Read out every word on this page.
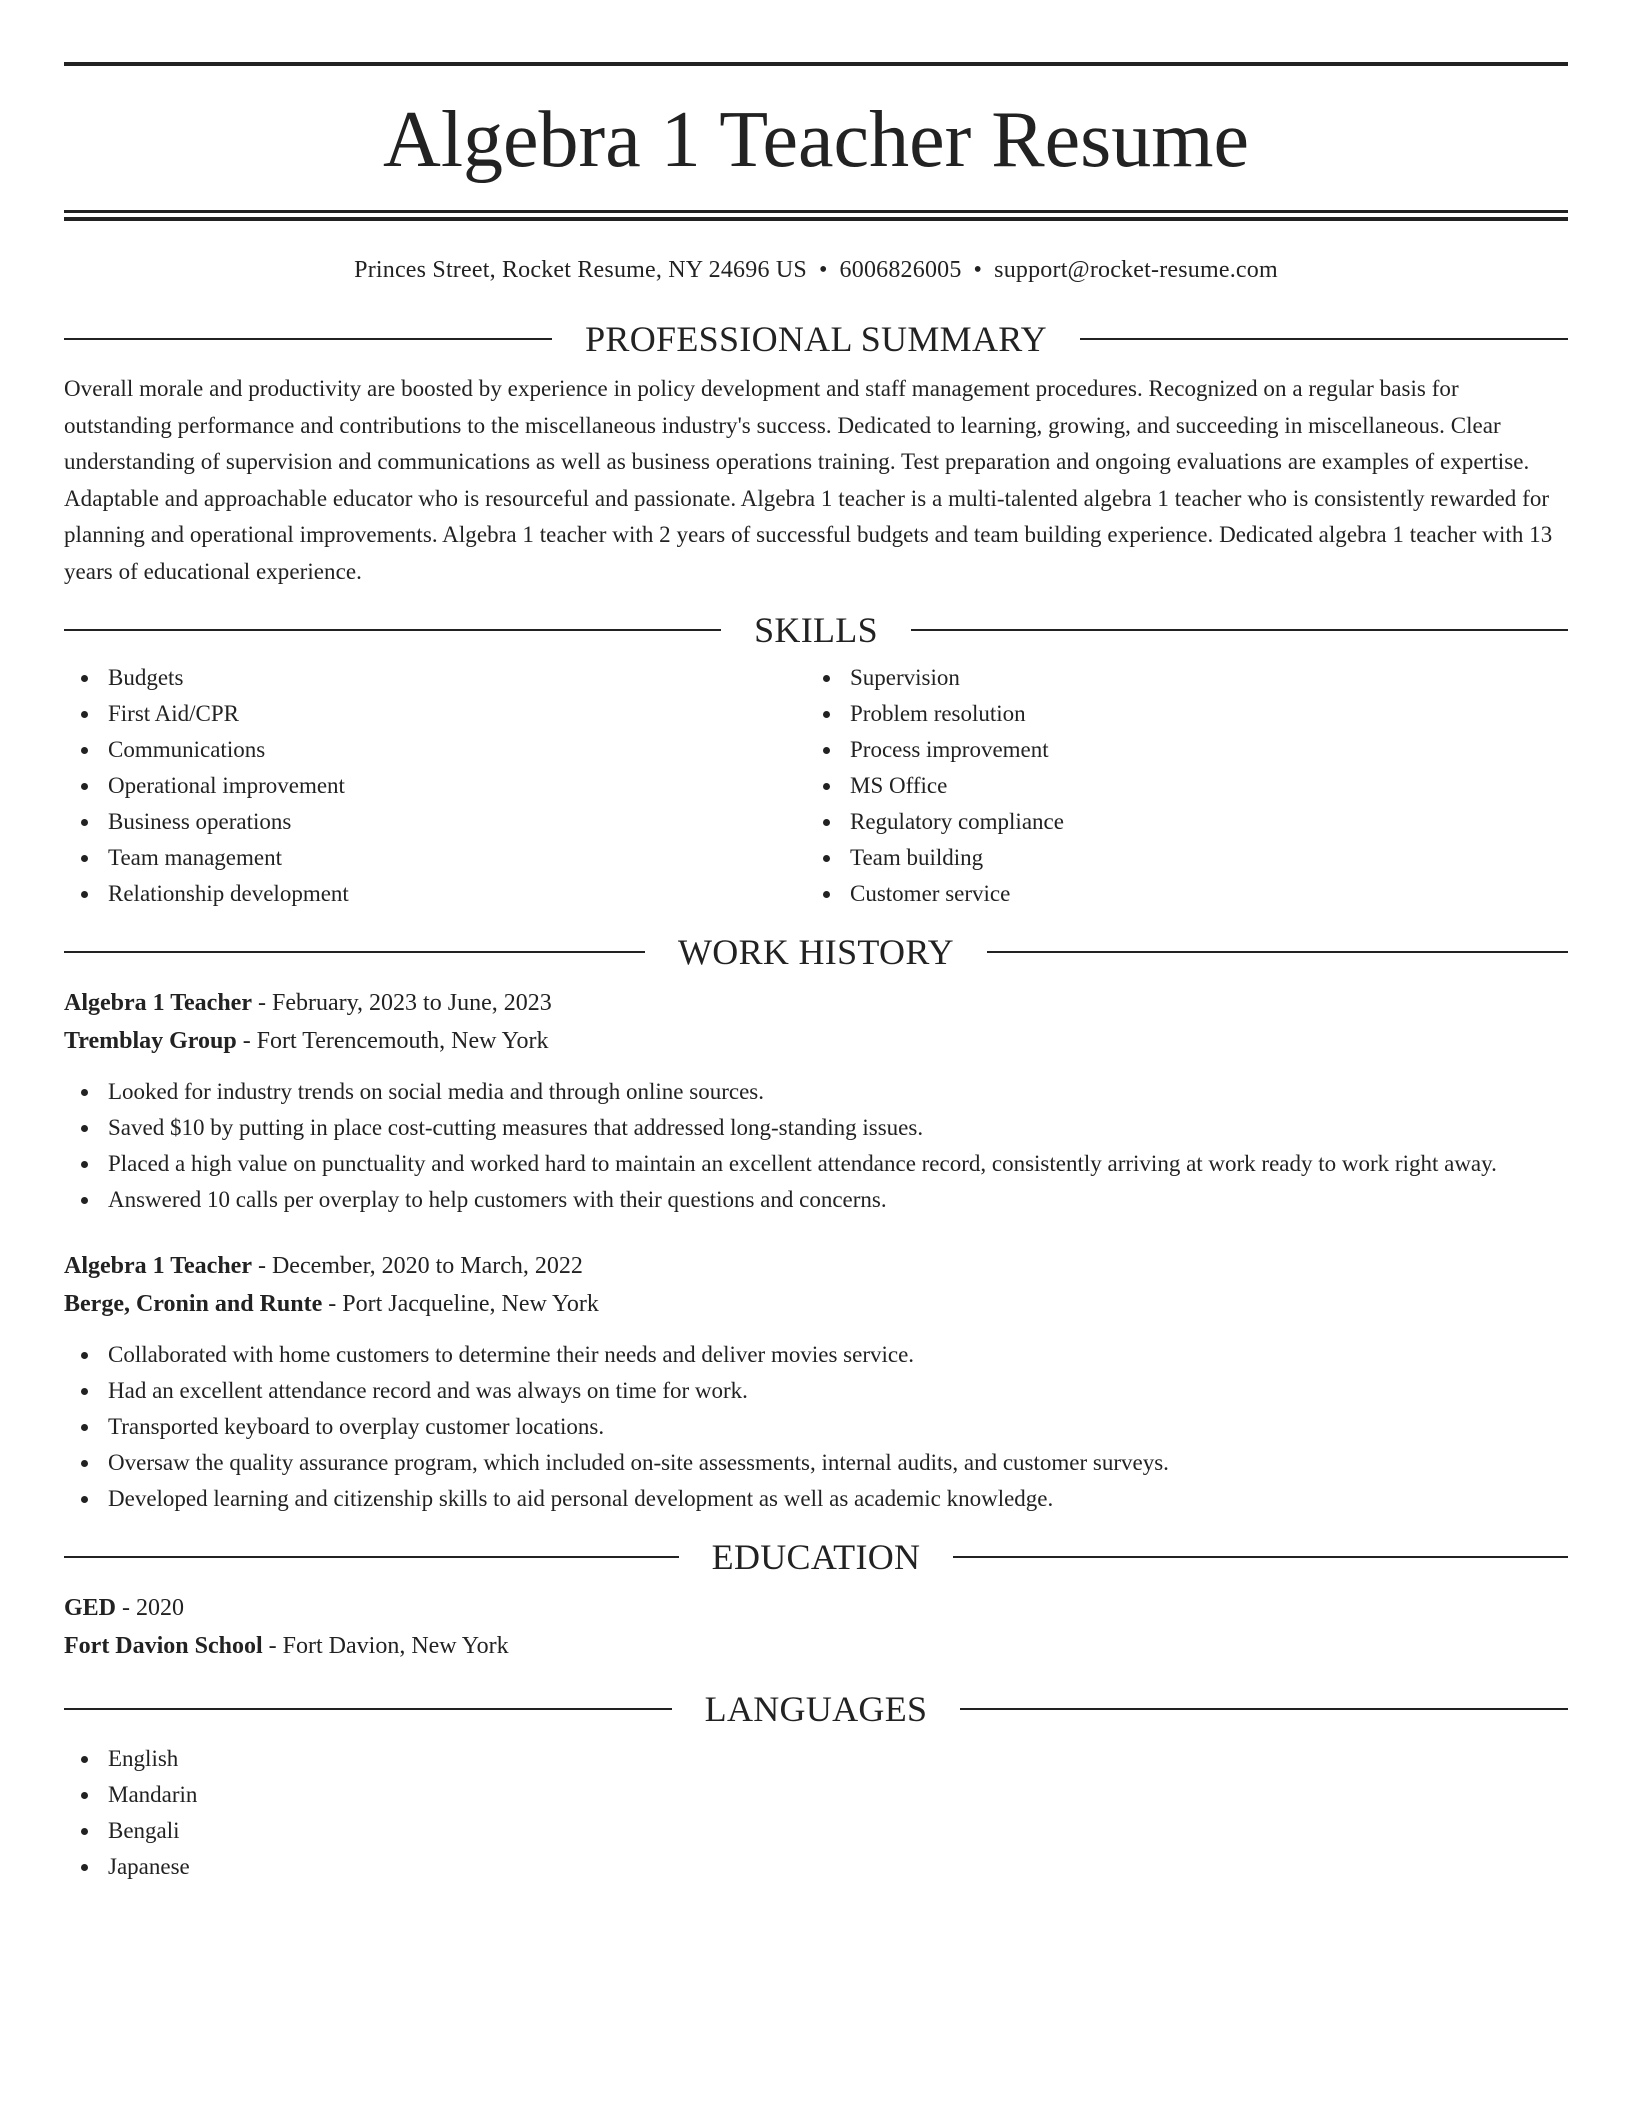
Algebra 1 Teacher Resume
Princes Street, Rocket Resume, NY 24696 US • 6006826005 • support@rocket-resume.com
PROFESSIONAL SUMMARY

Overall morale and productivity are boosted by experience in policy development and staff management procedures. Recognized on a regular basis for outstanding performance and contributions to the miscellaneous industry's success. Dedicated to learning, growing, and succeeding in miscellaneous. Clear understanding of supervision and communications as well as business operations training. Test preparation and ongoing evaluations are examples of expertise. Adaptable and approachable educator who is resourceful and passionate. Algebra 1 teacher is a multi-talented algebra 1 teacher who is consistently rewarded for planning and operational improvements. Algebra 1 teacher with 2 years of successful budgets and team building experience. Dedicated algebra 1 teacher with 13 years of educational experience.

SKILLS
Budgets
First Aid/CPR
Communications
Operational improvement
Business operations
Team management
Relationship development
Supervision
Problem resolution
Process improvement
MS Office
Regulatory compliance
Team building
Customer service
WORK HISTORY
Algebra 1 Teacher - February, 2023 to June, 2023
Tremblay Group - Fort Terencemouth, New York
Looked for industry trends on social media and through online sources.
Saved $10 by putting in place cost-cutting measures that addressed long-standing issues.
Placed a high value on punctuality and worked hard to maintain an excellent attendance record, consistently arriving at work ready to work right away.
Answered 10 calls per overplay to help customers with their questions and concerns.
Algebra 1 Teacher - December, 2020 to March, 2022
Berge, Cronin and Runte - Port Jacqueline, New York
Collaborated with home customers to determine their needs and deliver movies service.
Had an excellent attendance record and was always on time for work.
Transported keyboard to overplay customer locations.
Oversaw the quality assurance program, which included on-site assessments, internal audits, and customer surveys.
Developed learning and citizenship skills to aid personal development as well as academic knowledge.
EDUCATION
GED - 2020
Fort Davion School - Fort Davion, New York
LANGUAGES
English
Mandarin
Bengali
Japanese
